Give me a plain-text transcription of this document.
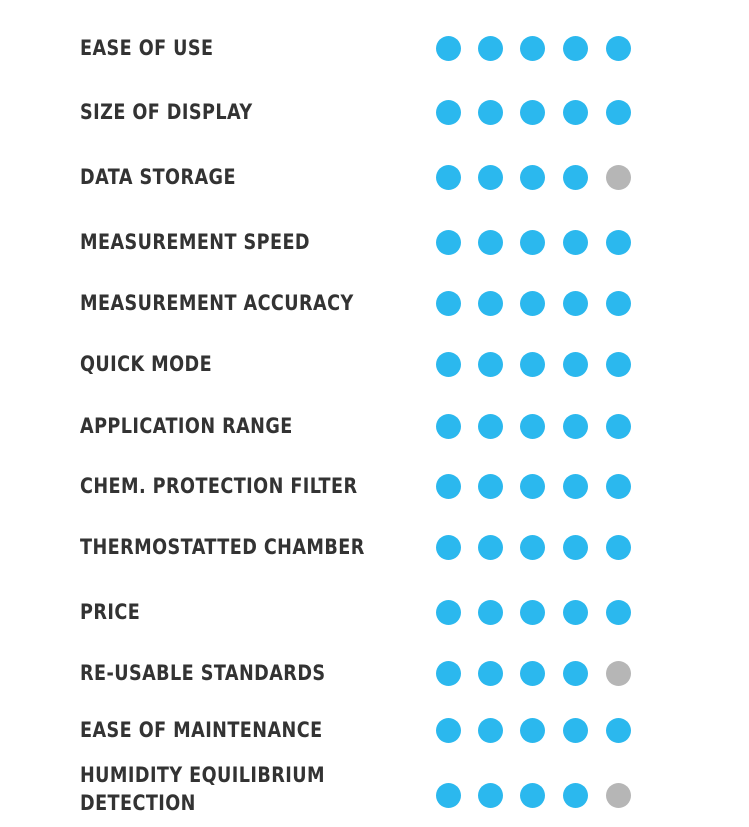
EASE OF USE
SIZE OF DISPLAY
DATA STORAGE
MEASUREMENT SPEED
MEASUREMENT ACCURACY
QUICK MODE
APPLICATION RANGE
CHEM. PROTECTION FILTER
THERMOSTATTED CHAMBER
PRICE
RE-USABLE STANDARDS
EASE OF MAINTENANCE
HUMIDITY EQUILIBRIUM DETECTION
